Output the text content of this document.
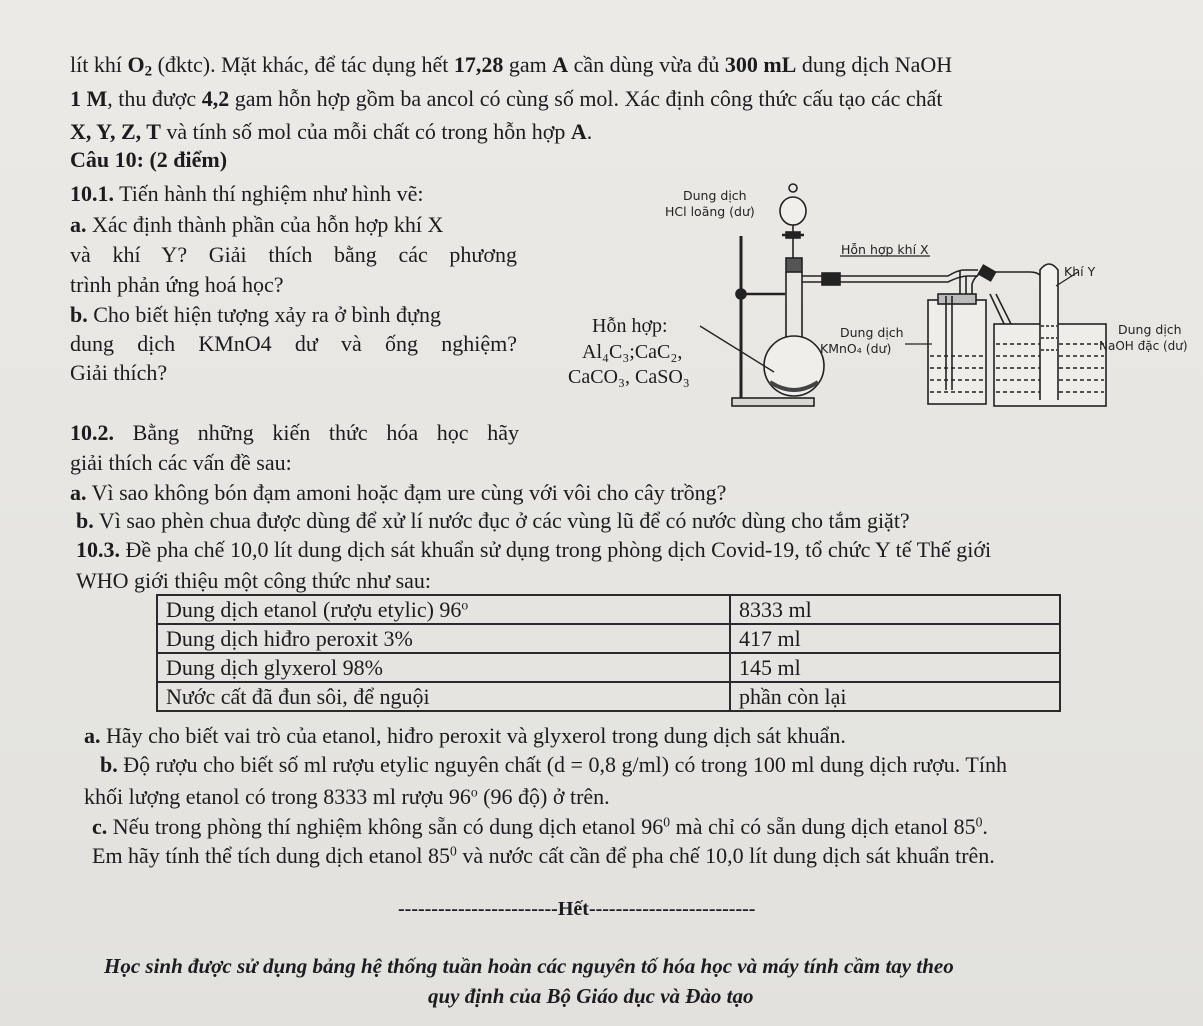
lít khí $O_2$ (đktc). Mặt khác, để tác dụng hết 17,28 gam A cần dùng vừa đủ 300 mL dung dịch NaOH
1 M, thu được 4,2 gam hỗn hợp gồm ba ancol có cùng số mol. Xác định công thức cấu tạo các chất
X, Y, Z, T và tính số mol của mỗi chất có trong hỗn hợp A.
Câu 10: (2 điểm)
10.1. Tiến hành thí nghiệm như hình vẽ:
a. Xác định thành phần của hỗn hợp khí X
và khí Y? Giải thích bằng các phương
trình phản ứng hoá học?
b. Cho biết hiện tượng xảy ra ở bình đựng
dung dịch KMnO4 dư và ống nghiệm?
Giải thích?
10.2. Bằng những kiến thức hóa học hãy
giải thích các vấn đề sau:
a. Vì sao không bón đạm amoni hoặc đạm ure cùng với vôi cho cây trồng?
b. Vì sao phèn chua được dùng để xử lí nước đục ở các vùng lũ để có nước dùng cho tắm giặt?
10.3. Đề pha chế 10,0 lít dung dịch sát khuẩn sử dụng trong phòng dịch Covid-19, tổ chức Y tế Thế giới
WHO giới thiệu một công thức như sau:
Dung dịch
HCl loãng (dư)
Hỗn hợp khí X
Khí Y
Dung dịch
KMnO₄ (dư)
Dung dịch
NaOH đặc (dư)
Hỗn hợp:
Al₄C₃;CaC₂,
CaCO₃, CaSO₃
Dung dịch etanol (rượu etylic) 96$^o$	8333 ml
Dung dịch hiđro peroxit 3%	417 ml
Dung dịch glyxerol 98%	145 ml
Nước cất đã đun sôi, để nguội	phần còn lại
a. Hãy cho biết vai trò của etanol, hiđro peroxit và glyxerol trong dung dịch sát khuẩn.
b. Độ rượu cho biết số ml rượu etylic nguyên chất (d = 0,8 g/ml) có trong 100 ml dung dịch rượu. Tính
khối lượng etanol có trong 8333 ml rượu 96$^o$ (96 độ) ở trên.
c. Nếu trong phòng thí nghiệm không sẵn có dung dịch etanol $96^0$ mà chỉ có sẵn dung dịch etanol $85^0$.
Em hãy tính thể tích dung dịch etanol $85^0$ và nước cất cần để pha chế 10,0 lít dung dịch sát khuẩn trên.
------------------------Hết-------------------------
Học sinh được sử dụng bảng hệ thống tuần hoàn các nguyên tố hóa học và máy tính cầm tay theo
quy định của Bộ Giáo dục và Đào tạo
